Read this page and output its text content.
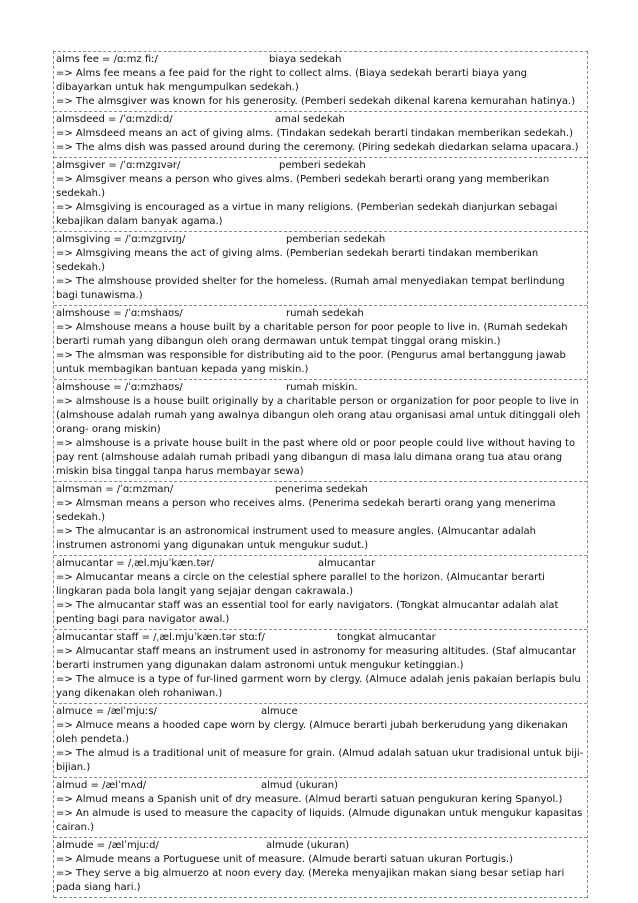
alms fee = /ɑːmz fiː/	biaya sedekah
=> Alms fee means a fee paid for the right to collect alms. (Biaya sedekah berarti biaya yang dibayarkan untuk hak mengumpulkan sedekah.)
=> The almsgiver was known for his generosity. (Pemberi sedekah dikenal karena kemurahan hatinya.)
almsdeed = /ˈɑːmzdiːd/	amal sedekah
=> Almsdeed means an act of giving alms. (Tindakan sedekah berarti tindakan memberikan sedekah.)
=> The alms dish was passed around during the ceremony. (Piring sedekah diedarkan selama upacara.)
almsgiver = /ˈɑːmzgɪvər/	pemberi sedekah
=> Almsgiver means a person who gives alms. (Pemberi sedekah berarti orang yang memberikan sedekah.)
=> Almsgiving is encouraged as a virtue in many religions. (Pemberian sedekah dianjurkan sebagai kebajikan dalam banyak agama.)
almsgiving = /ˈɑːmzgɪvɪŋ/	pemberian sedekah
=> Almsgiving means the act of giving alms. (Pemberian sedekah berarti tindakan memberikan sedekah.)
=> The almshouse provided shelter for the homeless. (Rumah amal menyediakan tempat berlindung bagi tunawisma.)
almshouse = /ˈɑːmshaʊs/	rumah sedekah
=> Almshouse means a house built by a charitable person for poor people to live in. (Rumah sedekah berarti rumah yang dibangun oleh orang dermawan untuk tempat tinggal orang miskin.)
=> The almsman was responsible for distributing aid to the poor. (Pengurus amal bertanggung jawab untuk membagikan bantuan kepada yang miskin.)
almshouse = /ˈɑːmzhaʊs/	rumah miskin.
=> almshouse is a house built originally by a charitable person or organization for poor people to live in (almshouse adalah rumah yang awalnya dibangun oleh orang atau organisasi amal untuk ditinggali oleh orang- orang miskin)
=> almshouse is a private house built in the past where old or poor people could live without having to pay rent (almshouse adalah rumah pribadi yang dibangun di masa lalu dimana orang tua atau orang miskin bisa tinggal tanpa harus membayar sewa)
almsman = /ˈɑːmzman/	penerima sedekah
=> Almsman means a person who receives alms. (Penerima sedekah berarti orang yang menerima sedekah.)
=> The almucantar is an astronomical instrument used to measure angles. (Almucantar adalah instrumen astronomi yang digunakan untuk mengukur sudut.)
almucantar = /ˌæl.mjuˈkæn.tər/	almucantar
=> Almucantar means a circle on the celestial sphere parallel to the horizon. (Almucantar berarti lingkaran pada bola langit yang sejajar dengan cakrawala.)
=> The almucantar staff was an essential tool for early navigators. (Tongkat almucantar adalah alat penting bagi para navigator awal.)
almucantar staff = /ˌæl.mjuˈkæn.tər stɑːf/	tongkat almucantar
=> Almucantar staff means an instrument used in astronomy for measuring altitudes. (Staf almucantar berarti instrumen yang digunakan dalam astronomi untuk mengukur ketinggian.)
=> The almuce is a type of fur-lined garment worn by clergy. (Almuce adalah jenis pakaian berlapis bulu yang dikenakan oleh rohaniwan.)
almuce = /ælˈmjuːs/	almuce
=> Almuce means a hooded cape worn by clergy. (Almuce berarti jubah berkerudung yang dikenakan oleh pendeta.)
=> The almud is a traditional unit of measure for grain. (Almud adalah satuan ukur tradisional untuk biji-bijian.)
almud = /ælˈmʌd/	almud (ukuran)
=> Almud means a Spanish unit of dry measure. (Almud berarti satuan pengukuran kering Spanyol.)
=> An almude is used to measure the capacity of liquids. (Almude digunakan untuk mengukur kapasitas cairan.)
almude = /ælˈmjuːd/	almude (ukuran)
=> Almude means a Portuguese unit of measure. (Almude berarti satuan ukuran Portugis.)
=> They serve a big almuerzo at noon every day. (Mereka menyajikan makan siang besar setiap hari pada siang hari.)
